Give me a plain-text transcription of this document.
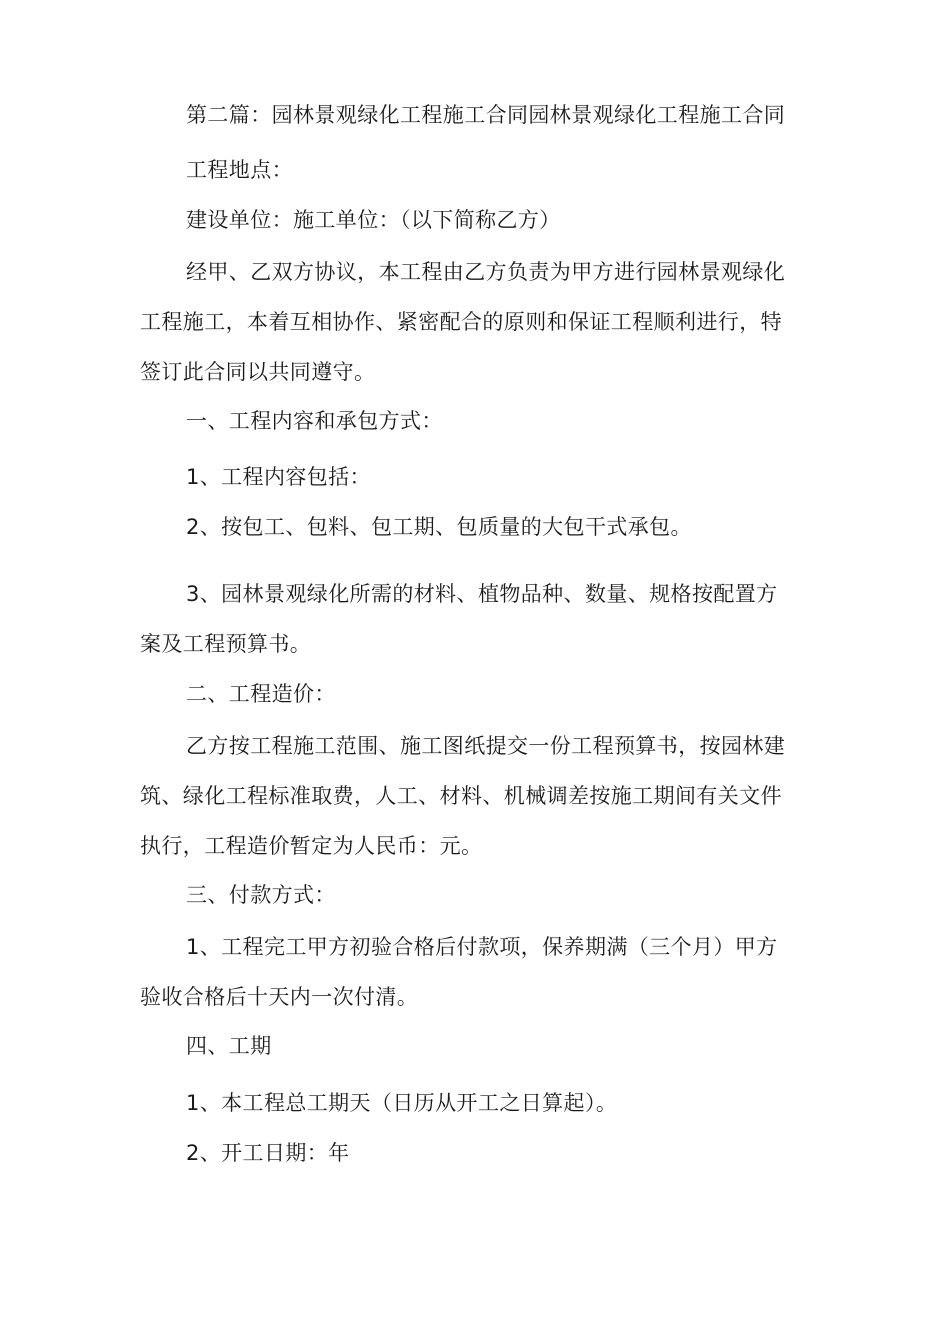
第二篇：园林景观绿化工程施工合同园林景观绿化工程施工合同
工程地点：
建设单位：施工单位：（以下简称乙方）
经甲、乙双方协议，本工程由乙方负责为甲方进行园林景观绿化
工程施工，本着互相协作、紧密配合的原则和保证工程顺利进行，特
签订此合同以共同遵守。
一、工程内容和承包方式：
1、工程内容包括：
2、按包工、包料、包工期、包质量的大包干式承包。
3、园林景观绿化所需的材料、植物品种、数量、规格按配置方
案及工程预算书。
二、工程造价：
乙方按工程施工范围、施工图纸提交一份工程预算书，按园林建
筑、绿化工程标准取费，人工、材料、机械调差按施工期间有关文件
执行，工程造价暂定为人民币：元。
三、付款方式：
1、工程完工甲方初验合格后付款项，保养期满（三个月）甲方
验收合格后十天内一次付清。
四、工期
1、本工程总工期天（日历从开工之日算起）。
2、开工日期：年
